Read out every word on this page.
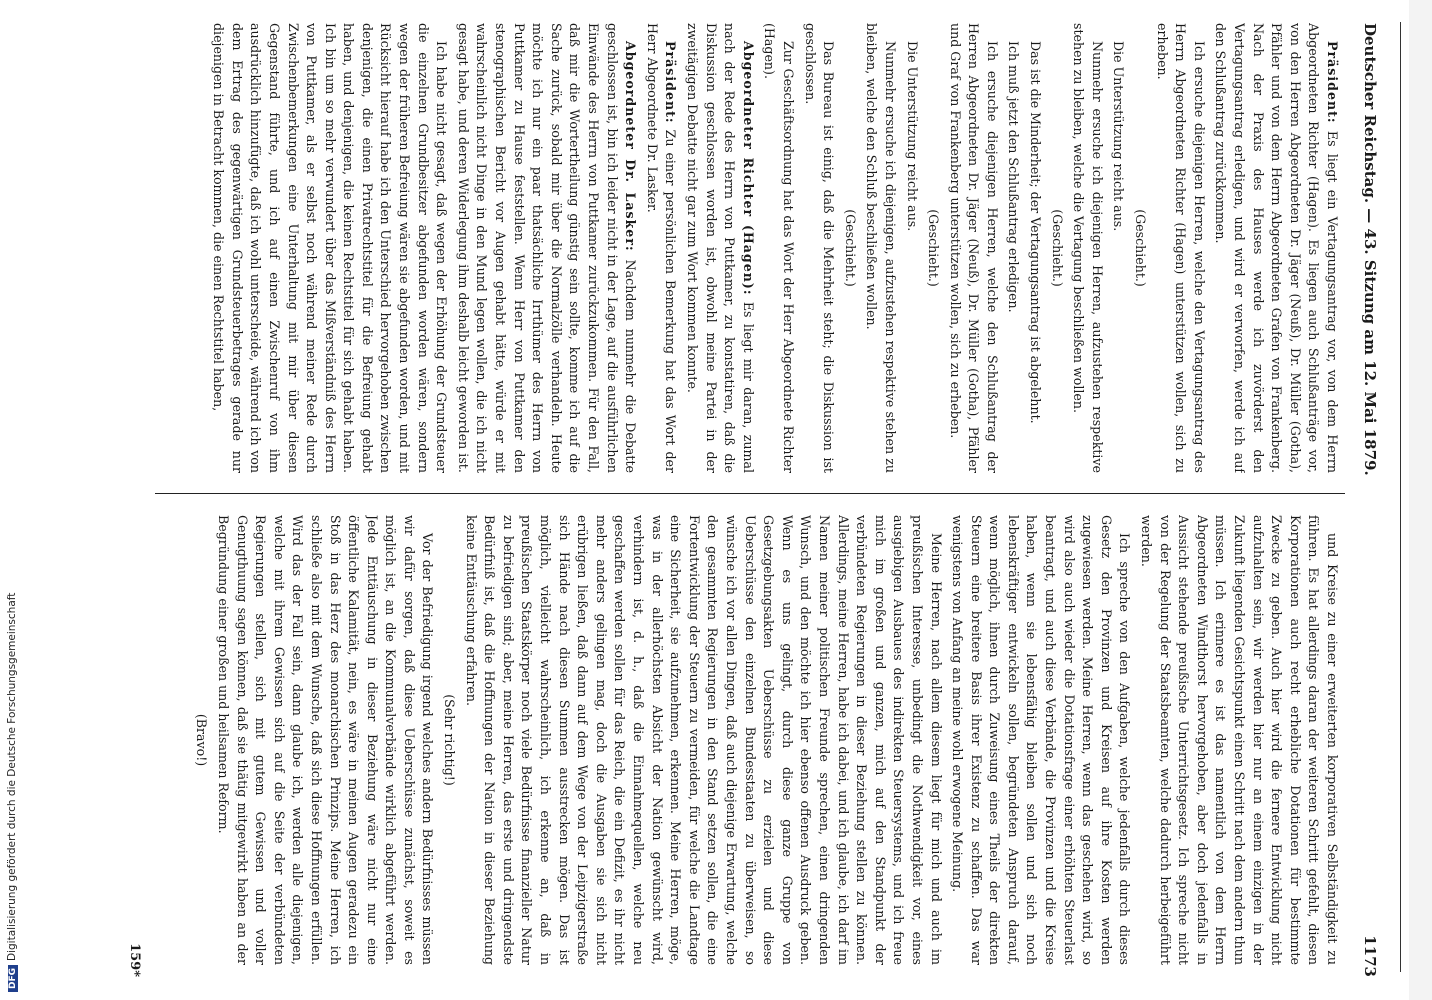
Deutscher Reichstag. — 43. Sitzung am 12. Mai 1879.
1173

Präsident: Es liegt ein Vertagungsantrag vor, von dem Herrn Abgeordneten Richter (Hagen). Es liegen auch Schlußanträge vor, von den Herren Abgeordneten Dr. Jäger (Neuß), Dr. Müller (Gotha), Pfähler und von dem Herrn Abgeordneten Grafen von Frankenberg. Nach der Praxis des Hauses werde ich zuvörderst den Vertagungsantrag erledigen, und wird er verworfen, werde ich auf den Schlußantrag zurückkommen.

Ich ersuche diejenigen Herren, welche den Vertagungsantrag des Herrn Abgeordneten Richter (Hagen) unterstützen wollen, sich zu erheben.

(Geschieht.)

Die Unterstützung reicht aus.

Nunmehr ersuche ich diejenigen Herren, aufzustehen respektive stehen zu bleiben, welche die Vertagung beschließen wollen.

(Geschieht.)

Das ist die Minderheit; der Vertagungsantrag ist abgelehnt.

Ich muß jetzt den Schlußantrag erledigen.

Ich ersuche diejenigen Herren, welche den Schlußantrag der Herren Abgeordneten Dr. Jäger (Neuß), Dr. Müller (Gotha), Pfähler und Graf von Frankenberg unterstützen wollen, sich zu erheben.

(Geschieht.)

Die Unterstützung reicht aus.

Nunmehr ersuche ich diejenigen, aufzustehen respektive stehen zu bleiben, welche den Schluß beschließen wollen.

(Geschieht.)

Das Bureau ist einig, daß die Mehrheit steht; die Diskussion ist geschlossen.

Zur Geschäftsordnung hat das Wort der Herr Abgeordnete Richter (Hagen).

Abgeordneter Richter (Hagen): Es liegt mir daran, zumal nach der Rede des Herrn von Puttkamer, zu konstatiren, daß die Diskussion geschlossen worden ist, obwohl meine Partei in der zweitägigen Debatte nicht gar zum Wort kommen konnte.

Präsident: Zu einer persönlichen Bemerkung hat das Wort der Herr Abgeordnete Dr. Lasker.

Abgeordneter Dr. Lasker: Nachdem nunmehr die Debatte geschlossen ist, bin ich leider nicht in der Lage, auf die ausführlichen Einwände des Herrn von Puttkamer zurückzukommen. Für den Fall, daß mir die Wortertheilung günstig sein sollte, komme ich auf die Sache zurück, sobald mir über die Normalzölle verhandeln. Heute möchte ich nur ein paar thatsächliche Irrthümer des Herrn von Puttkamer zu Hause feststellen. Wenn Herr von Puttkamer den stenographischen Bericht vor Augen gehabt hätte, würde er mit wahrscheinlich nicht Dinge in den Mund legen wollen, die ich nicht gesagt habe, und deren Widerlegung ihm deshalb leicht geworden ist.

Ich habe nicht gesagt, daß wegen der Erhöhung der Grundsteuer die einzelnen Grundbesitzer abgefunden worden wären, sondern wegen der früheren Befreiung wären sie abgefunden worden, und mit Rücksicht hierauf habe ich den Unterschied hervorgehoben zwischen denjenigen, die einen Privatrechtstitel für die Befreiung gehabt haben, und denjenigen, die keinen Rechtstitel für sich gehabt haben. Ich bin um so mehr verwundert über das Mißverständniß des Herrn von Puttkamer, als er selbst noch während meiner Rede durch Zwischenbemerkungen eine Unterhaltung mit mir über diesen Gegenstand führte, und ich auf einen Zwischenruf von ihm ausdrücklich hinzufügte, daß ich wohl unterscheide, während ich von dem Ertrag des gegenwärtigen Grundsteuerbetrages gerade nur diejenigen in Betracht kommen, die einen Rechtstitel haben,

und Kreise zu einer erweiterten korporativen Selbständigkeit zu führen. Es hat allerdings daran der weiteren Schritt gefehlt, diesen Korporationen auch recht erhebliche Dotationen für bestimmte Zwecke zu geben. Auch hier wird die fernere Entwicklung nicht aufzuhalten sein, wir werden hier nur an einem einzigen in der Zukunft liegenden Gesichtspunkt einen Schritt nach dem andern thun müssen. Ich erinnere es ist das namentlich von dem Herrn Abgeordneten Windthorst hervorgehoben, aber doch jedenfalls in Aussicht stehende preußische Unterrichtsgesetz. Ich spreche nicht von der Regelung der Staatsbeamten, welche dadurch herbeigeführt werden.

Ich spreche von den Aufgaben, welche jedenfalls durch dieses Gesetz den Provinzen und Kreisen auf ihre Kosten werden zugewiesen werden. Meine Herren, wenn das geschehen wird, so wird also auch wieder die Dotationsfrage einer erhöhten Steuerlast beantragt, und auch diese Verbände, die Provinzen und die Kreise haben, wenn sie lebensfähig bleiben sollen und sich noch lebenskräftiger entwickeln sollen, begründeten Anspruch darauf, wenn möglich, ihnen durch Zuweisung eines Theils der direkten Steuern eine breitere Basis ihrer Existenz zu schaffen. Das war wenigstens von Anfang an meine wohl erwogene Meinung.

Meine Herren, nach allem diesem liegt für mich und auch im preußischen Interesse, unbedingt die Nothwendigkeit vor, eines ausgiebigen Ausbaues des indirekten Steuersystems, und ich freue mich im großen und ganzen, mich auf den Standpunkt der verbündeten Regierungen in dieser Beziehung stellen zu können. Allerdings, meine Herren, habe ich dabei, und ich glaube, ich darf im Namen meiner politischen Freunde sprechen, einen dringenden Wunsch, und den möchte ich hier ebenso offenen Ausdruck geben. Wenn es uns gelingt, durch diese ganze Gruppe von Gesetzgebungsakten Ueberschüsse zu erzielen und diese Ueberschüsse den einzelnen Bundesstaaten zu überweisen, so wünsche ich vor allen Dingen, daß auch diejenige Erwartung, welche den gesammten Regierungen in den Stand setzen sollen, die eine Fortentwicklung der Steuern zu vermeiden, für welche die Landtage eine Sicherheit, sie aufzunehmen, erkennen. Meine Herren, möge, was in der allerhöchsten Absicht der Nation gewünscht wird, verhindern ist, d. h., daß die Einnahmequellen, welche neu geschaffen werden sollen für das Reich, die ein Defizit, es ihr nicht mehr anders gelingen mag, doch die Ausgaben sie sich nicht erübrigen ließen, daß dann auf dem Wege von der Leipzigerstraße sich Hände nach diesen Summen ausstrecken mögen. Das ist möglich, vielleicht wahrscheinlich, ich erkenne an, daß in preußischen Staatskörper noch viele Bedürfnisse finanzieller Natur zu befriedigen sind; aber, meine Herren, das erste und dringendste Bedürfniß ist, daß die Hoffnungen der Nation in dieser Beziehung keine Enttäuschung erfahren.

(Sehr richtig!)

Vor der Befriedigung irgend welches andern Bedürfnisses müssen wir dafür sorgen, daß diese Ueberschüsse zunächst, soweit es möglich ist, an die Kommunalverbände wirklich abgeführt werden. Jede Enttäuschung in dieser Beziehung wäre nicht nur eine öffentliche Kalamität, nein, es wäre in meinen Augen geradezu ein Stoß in das Herz des monarchischen Prinzips. Meine Herren, ich schließe also mit dem Wunsche, daß sich diese Hoffnungen erfüllen. Wird das der Fall sein, dann glaube ich, werden alle diejenigen, welche mit ihrem Gewissen sich auf die Seite der verbündeten Regierungen stellen, sich mit gutem Gewissen und voller Genugthuung sagen können, daß sie thätig mitgewirkt haben an der Begründung einer großen und heilsamen Reform.

(Bravo!)

159*
DFGDigitalisierung gefördert durch die Deutsche Forschungsgemeinschaft
